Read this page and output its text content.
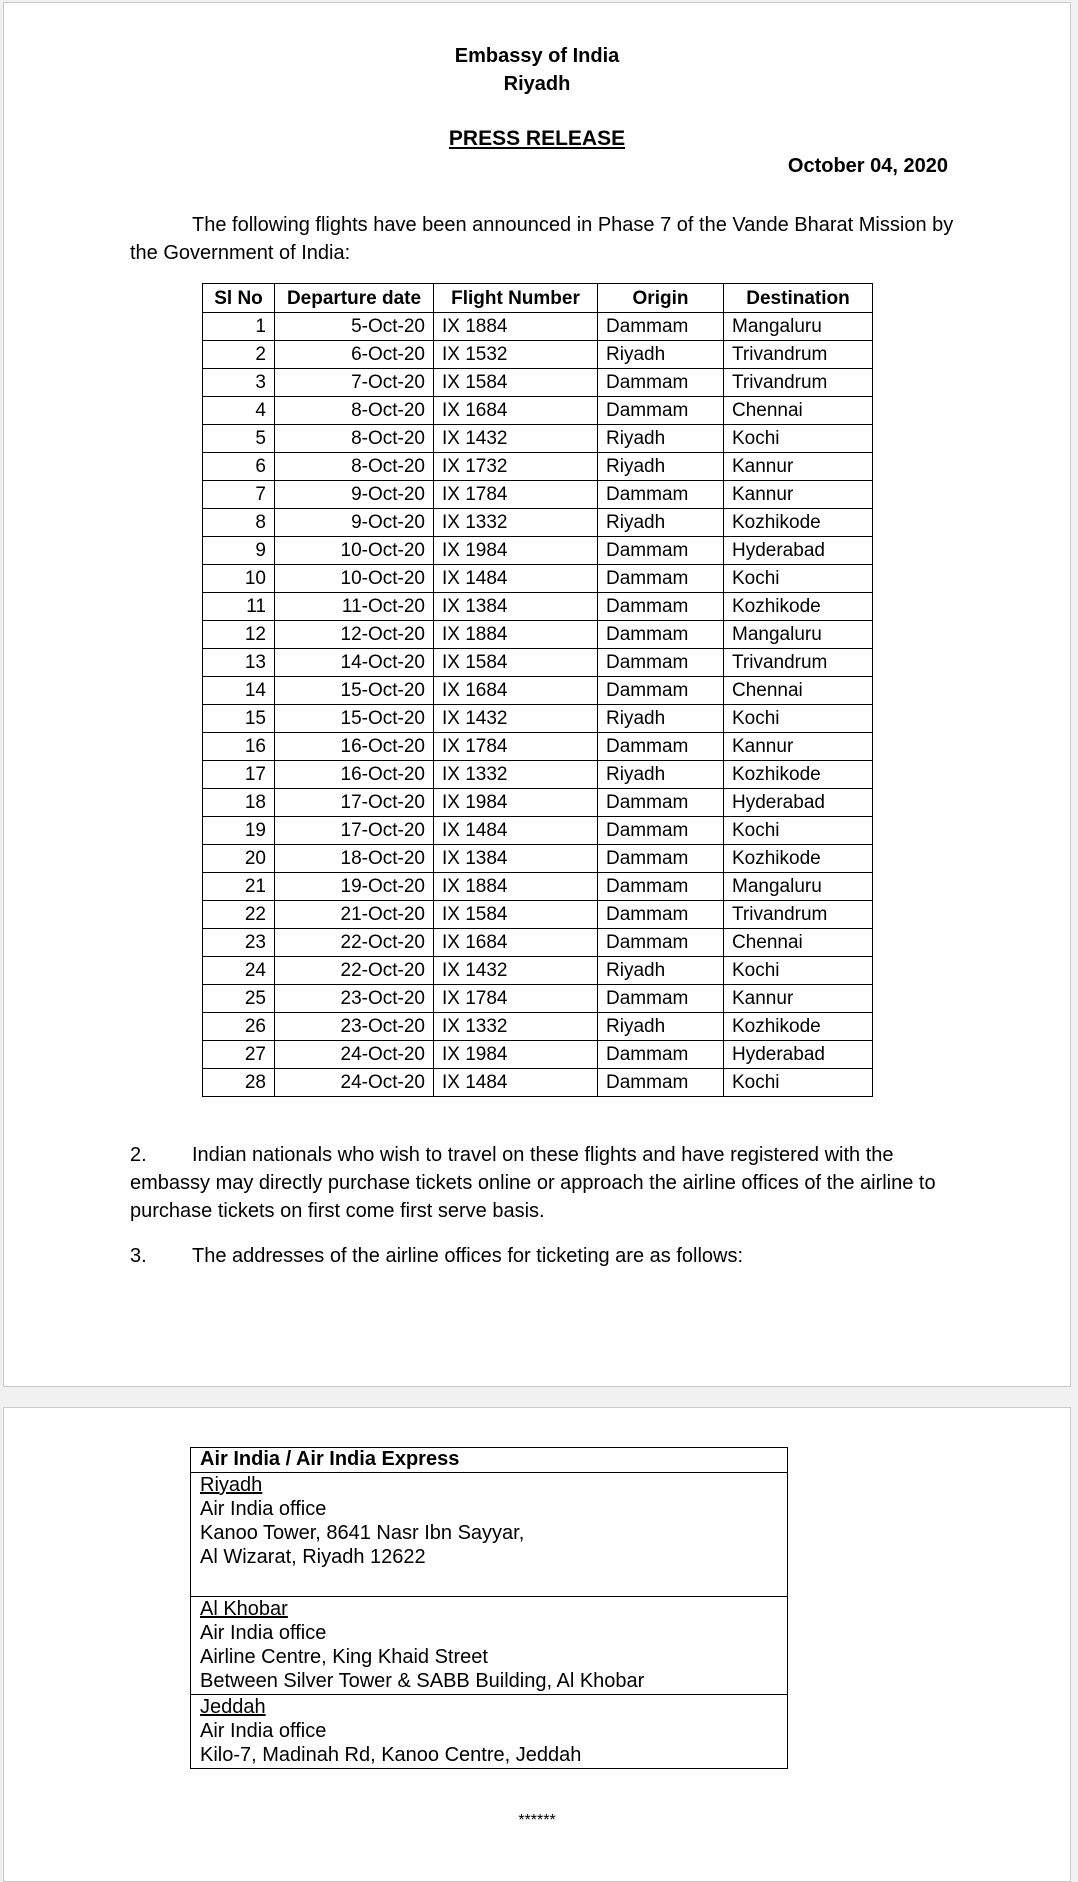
Embassy of India
Riyadh
PRESS RELEASE
October 04, 2020
The following flights have been announced in Phase 7 of the Vande Bharat Mission by the Government of India:
Sl No	Departure date	Flight Number	Origin	Destination
1	5-Oct-20	IX 1884	Dammam	Mangaluru
2	6-Oct-20	IX 1532	Riyadh	Trivandrum
3	7-Oct-20	IX 1584	Dammam	Trivandrum
4	8-Oct-20	IX 1684	Dammam	Chennai
5	8-Oct-20	IX 1432	Riyadh	Kochi
6	8-Oct-20	IX 1732	Riyadh	Kannur
7	9-Oct-20	IX 1784	Dammam	Kannur
8	9-Oct-20	IX 1332	Riyadh	Kozhikode
9	10-Oct-20	IX 1984	Dammam	Hyderabad
10	10-Oct-20	IX 1484	Dammam	Kochi
11	11-Oct-20	IX 1384	Dammam	Kozhikode
12	12-Oct-20	IX 1884	Dammam	Mangaluru
13	14-Oct-20	IX 1584	Dammam	Trivandrum
14	15-Oct-20	IX 1684	Dammam	Chennai
15	15-Oct-20	IX 1432	Riyadh	Kochi
16	16-Oct-20	IX 1784	Dammam	Kannur
17	16-Oct-20	IX 1332	Riyadh	Kozhikode
18	17-Oct-20	IX 1984	Dammam	Hyderabad
19	17-Oct-20	IX 1484	Dammam	Kochi
20	18-Oct-20	IX 1384	Dammam	Kozhikode
21	19-Oct-20	IX 1884	Dammam	Mangaluru
22	21-Oct-20	IX 1584	Dammam	Trivandrum
23	22-Oct-20	IX 1684	Dammam	Chennai
24	22-Oct-20	IX 1432	Riyadh	Kochi
25	23-Oct-20	IX 1784	Dammam	Kannur
26	23-Oct-20	IX 1332	Riyadh	Kozhikode
27	24-Oct-20	IX 1984	Dammam	Hyderabad
28	24-Oct-20	IX 1484	Dammam	Kochi
2. Indian nationals who wish to travel on these flights and have registered with the embassy may directly purchase tickets online or approach the airline offices of the airline to purchase tickets on first come first serve basis.
3. The addresses of the airline offices for ticketing are as follows:
Air India / Air India Express

Riyadh
Air India office
Kanoo Tower, 8641 Nasr Ibn Sayyar,
Al Wizarat, Riyadh 12622

Al Khobar
Air India office
Airline Centre, King Khaid Street
Between Silver Tower & SABB Building, Al Khobar

Jeddah
Air India office
Kilo-7, Madinah Rd, Kanoo Centre, Jeddah
******
